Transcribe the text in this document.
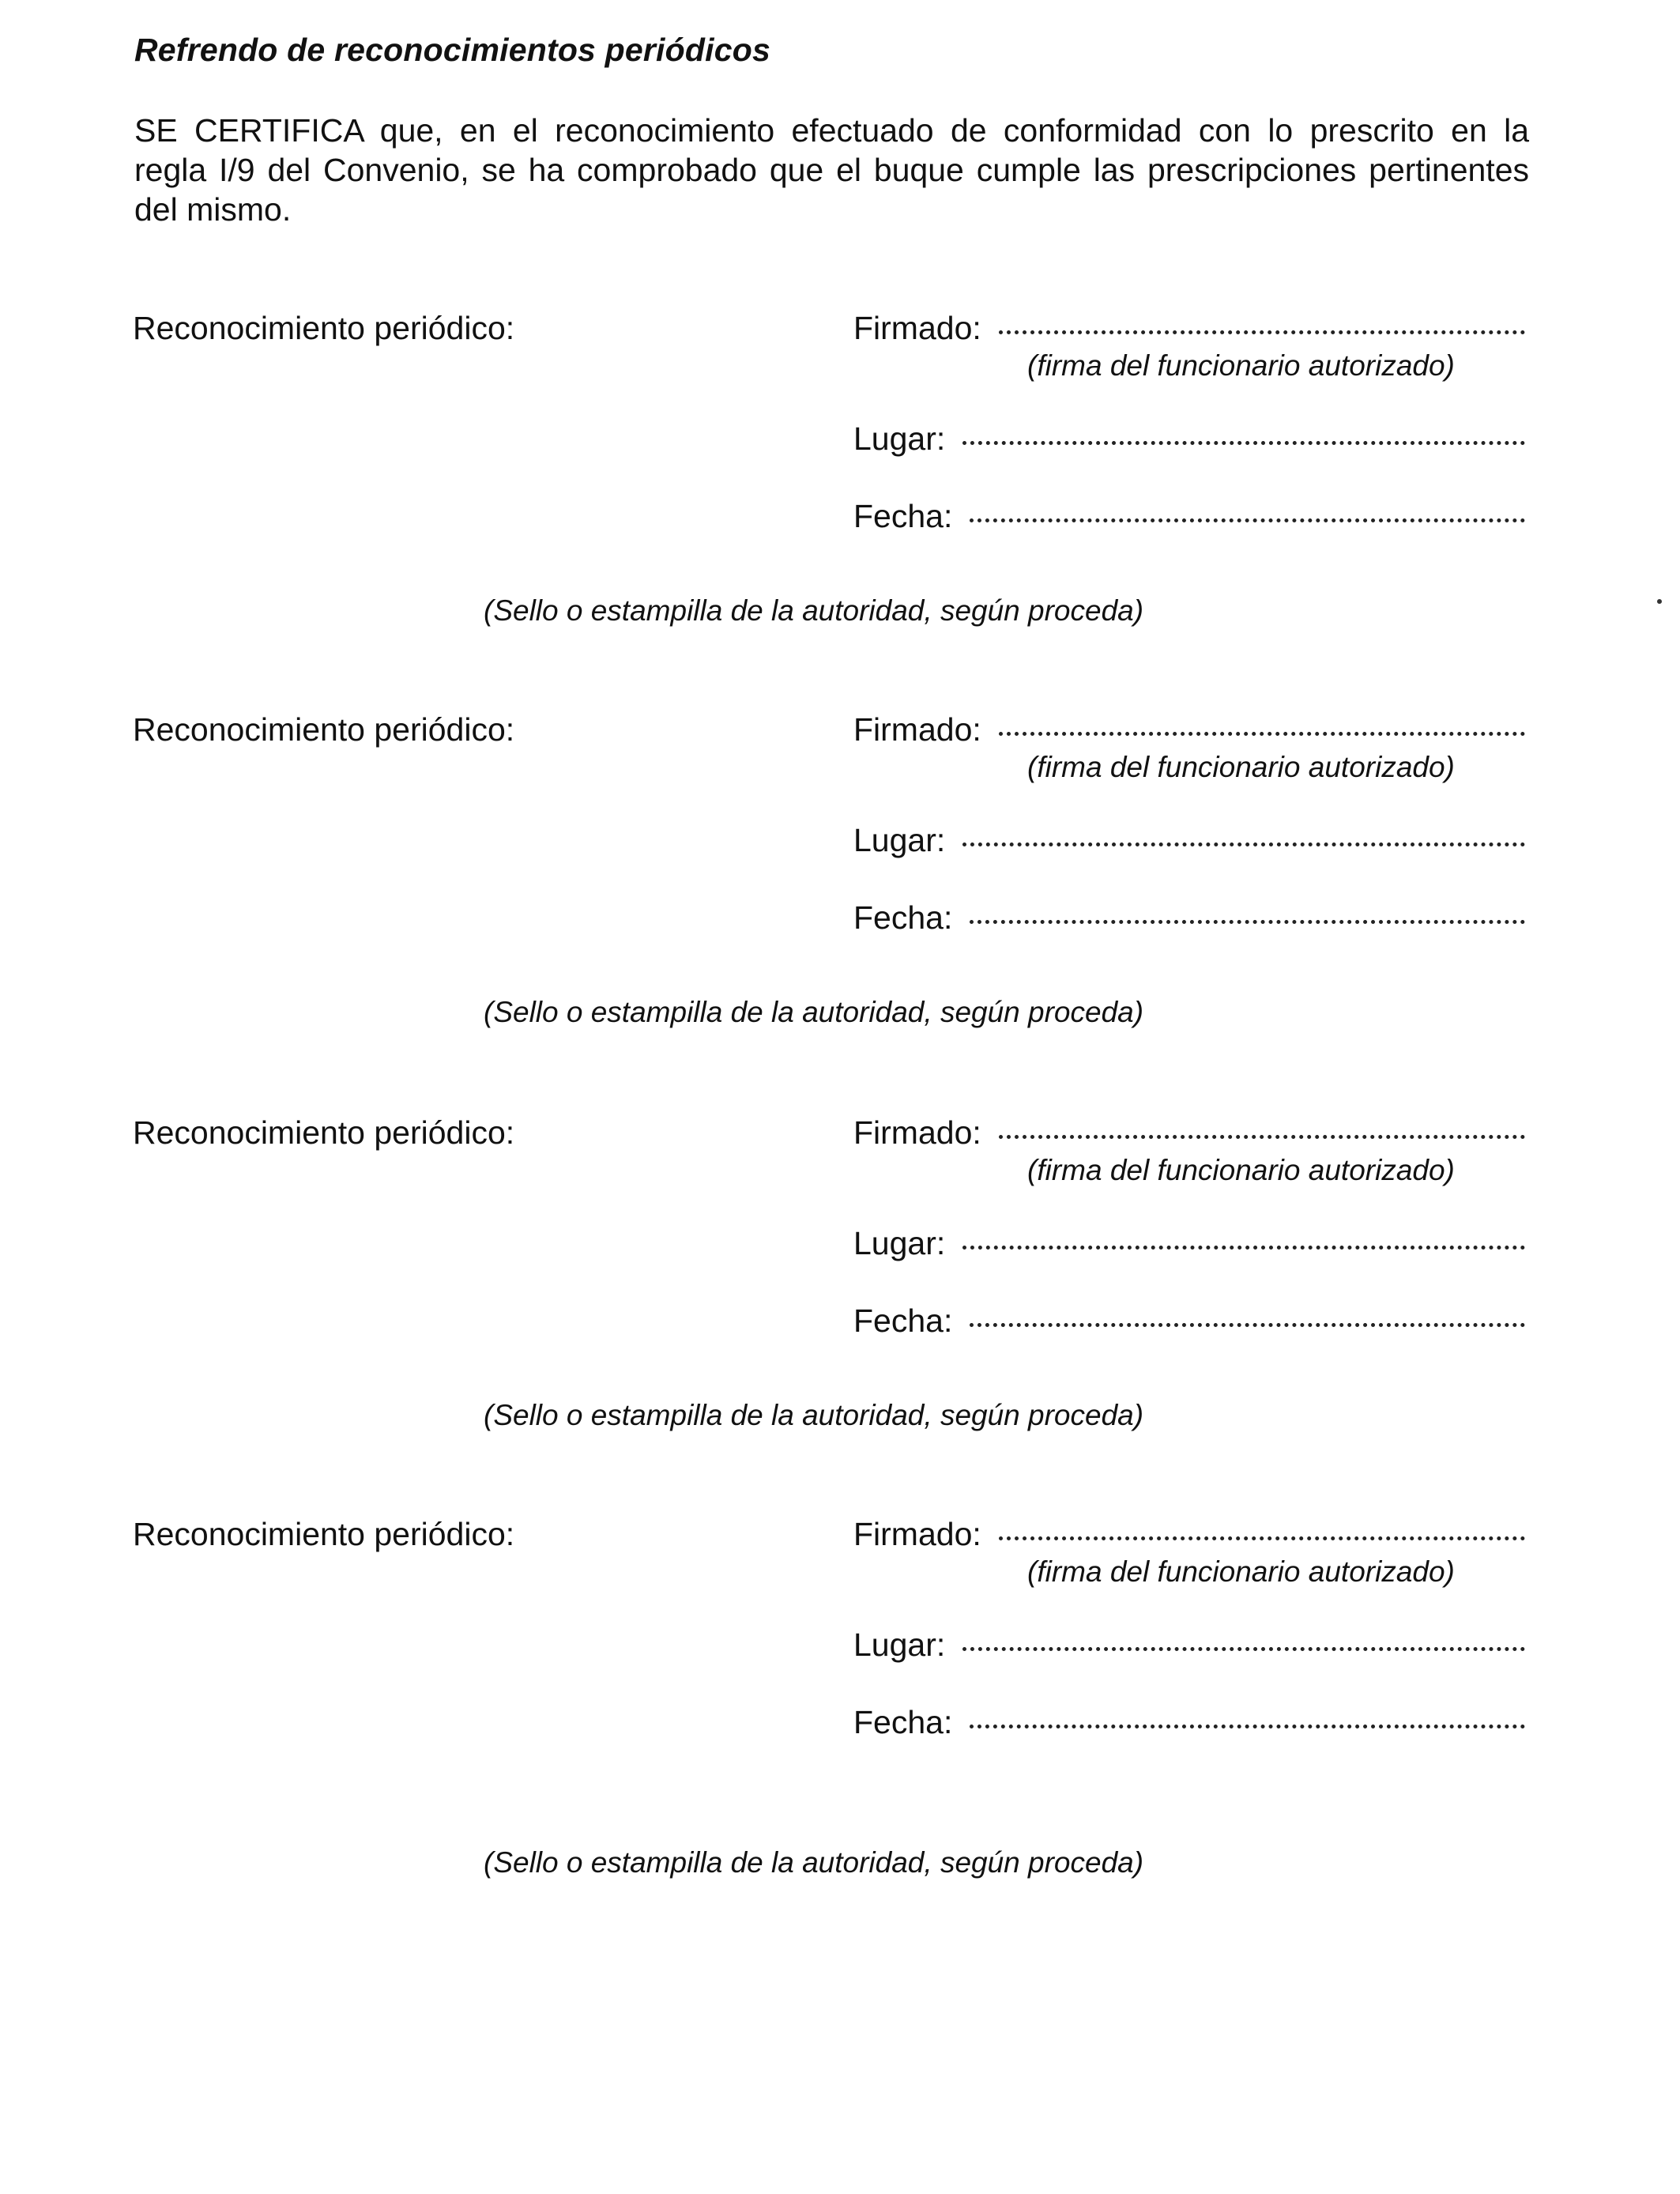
Refrendo de reconocimientos periódicos
SE CERTIFICA que, en el reconocimiento efectuado de conformidad con lo prescrito en la
regla I/9 del Convenio, se ha comprobado que el buque cumple las prescripciones pertinentes
del mismo.
Reconocimiento periódico:	Firmado:
(firma del funcionario autorizado)
Lugar:
Fecha:
(Sello o estampilla de la autoridad, según proceda)
Reconocimiento periódico:	Firmado:
(firma del funcionario autorizado)
Lugar:
Fecha:
(Sello o estampilla de la autoridad, según proceda)
Reconocimiento periódico:	Firmado:
(firma del funcionario autorizado)
Lugar:
Fecha:
(Sello o estampilla de la autoridad, según proceda)
Reconocimiento periódico:	Firmado:
(firma del funcionario autorizado)
Lugar:
Fecha:
(Sello o estampilla de la autoridad, según proceda)
